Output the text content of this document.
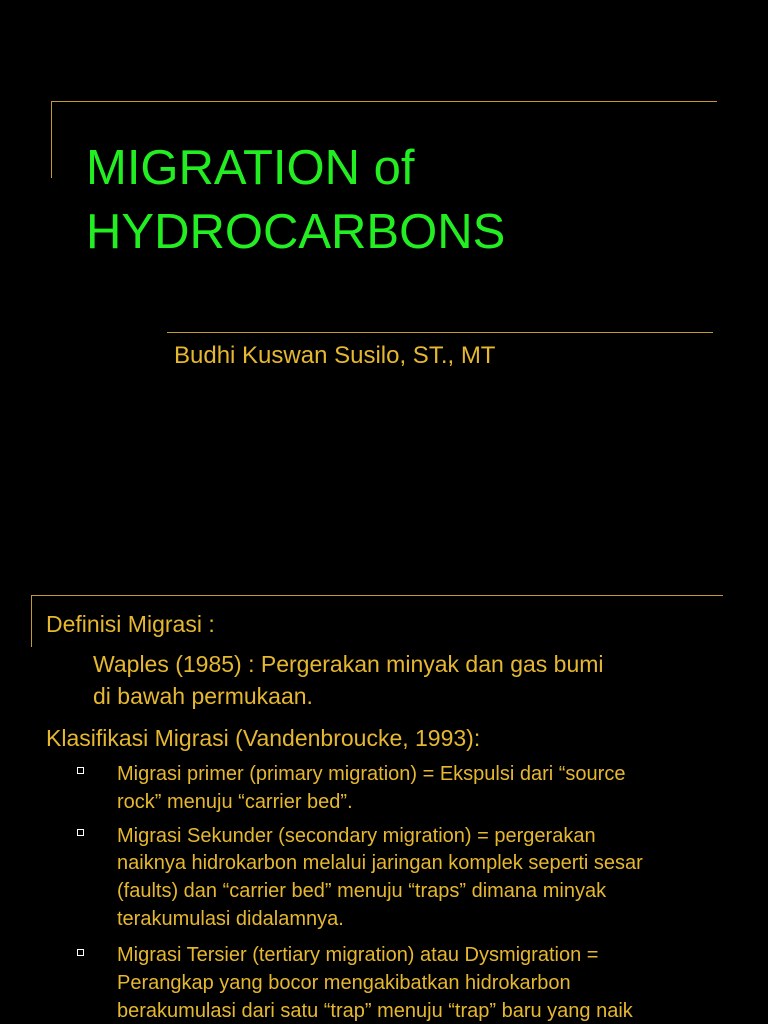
MIGRATION of
HYDROCARBONS
Budhi Kuswan Susilo, ST., MT
Definisi Migrasi :
Waples (1985) : Pergerakan minyak dan gas bumi
di bawah permukaan.
Klasifikasi Migrasi (Vandenbroucke, 1993):
Migrasi primer (primary migration) = Ekspulsi dari “source
rock” menuju “carrier bed”.
Migrasi Sekunder (secondary migration) = pergerakan
naiknya hidrokarbon melalui jaringan komplek seperti sesar
(faults) dan “carrier bed” menuju “traps” dimana minyak
terakumulasi didalamnya.
Migrasi Tersier (tertiary migration) atau Dysmigration =
Perangkap yang bocor mengakibatkan hidrokarbon
berakumulasi dari satu “trap” menuju “trap” baru yang naik
